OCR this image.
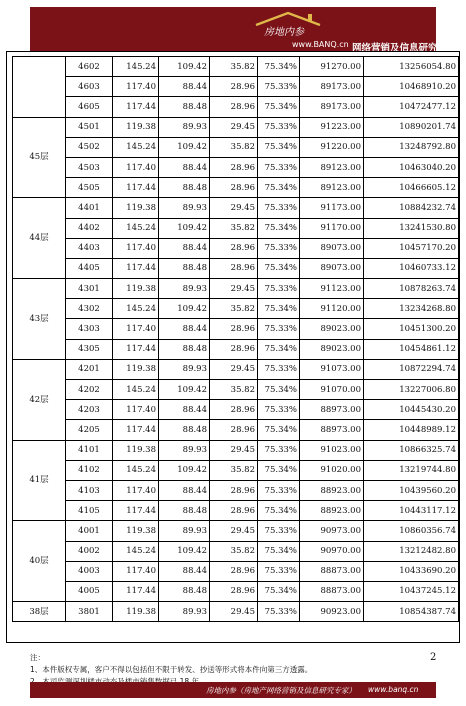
房地内参
www.BANQ.cn 网络营销及信息研究专家
	4602	145.24	109.42	35.82	75.34%	91270.00	13256054.80
	4603	117.40	88.44	28.96	75.33%	89173.00	10468910.20
	4605	117.44	88.48	28.96	75.34%	89173.00	10472477.12
45层	4501	119.38	89.93	29.45	75.33%	91223.00	10890201.74
	4502	145.24	109.42	35.82	75.34%	91220.00	13248792.80
	4503	117.40	88.44	28.96	75.33%	89123.00	10463040.20
	4505	117.44	88.48	28.96	75.34%	89123.00	10466605.12
44层	4401	119.38	89.93	29.45	75.33%	91173.00	10884232.74
	4402	145.24	109.42	35.82	75.34%	91170.00	13241530.80
	4403	117.40	88.44	28.96	75.33%	89073.00	10457170.20
	4405	117.44	88.48	28.96	75.34%	89073.00	10460733.12
43层	4301	119.38	89.93	29.45	75.33%	91123.00	10878263.74
	4302	145.24	109.42	35.82	75.34%	91120.00	13234268.80
	4303	117.40	88.44	28.96	75.33%	89023.00	10451300.20
	4305	117.44	88.48	28.96	75.34%	89023.00	10454861.12
42层	4201	119.38	89.93	29.45	75.33%	91073.00	10872294.74
	4202	145.24	109.42	35.82	75.34%	91070.00	13227006.80
	4203	117.40	88.44	28.96	75.33%	88973.00	10445430.20
	4205	117.44	88.48	28.96	75.34%	88973.00	10448989.12
41层	4101	119.38	89.93	29.45	75.33%	91023.00	10866325.74
	4102	145.24	109.42	35.82	75.34%	91020.00	13219744.80
	4103	117.40	88.44	28.96	75.33%	88923.00	10439560.20
	4105	117.44	88.48	28.96	75.34%	88923.00	10443117.12
40层	4001	119.38	89.93	29.45	75.33%	90973.00	10860356.74
	4002	145.24	109.42	35.82	75.34%	90970.00	13212482.80
	4003	117.40	88.44	28.96	75.33%	88873.00	10433690.20
	4005	117.44	88.48	28.96	75.34%	88873.00	10437245.12
38层	3801	119.38	89.93	29.45	75.33%	90923.00	10854387.74
注：
1、本件版权专属，客户不得以包括但不限于转发、抄送等形式将本件向第三方透露。
2
房地内参（房地产网络营销及信息研究专家） www.banq.cn
